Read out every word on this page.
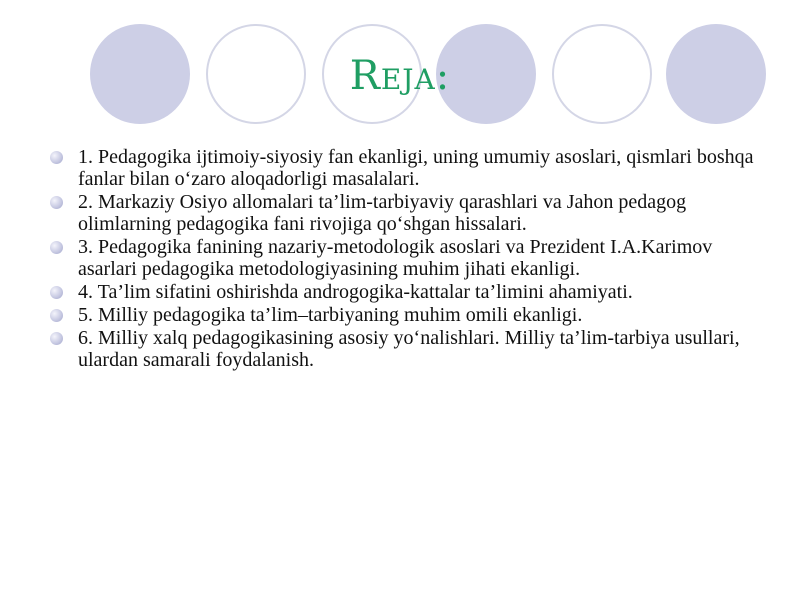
Reja:
1. Pedagogika ijtimoiy-siyosiy fan ekanligi, uning umumiy asoslari, qismlari boshqa fanlar bilan o‘zaro aloqadorligi masalalari.
2. Markaziy Osiyo allomalari ta’lim-tarbiyaviy qarashlari va Jahon pedagog olimlarning pedagogika fani rivojiga qo‘shgan hissalari.
3. Pedagogika fanining nazariy-metodologik asoslari va Prezident I.A.Karimov asarlari pedagogika metodologiyasining muhim jihati ekanligi.
4. Ta’lim sifatini oshirishda androgogika-kattalar ta’limini ahamiyati.
5. Milliy pedagogika ta’lim–tarbiyaning muhim omili ekanligi.
6. Milliy xalq pedagogikasining asosiy yo‘nalishlari. Milliy ta’lim-tarbiya usullari, ulardan samarali foydalanish.
